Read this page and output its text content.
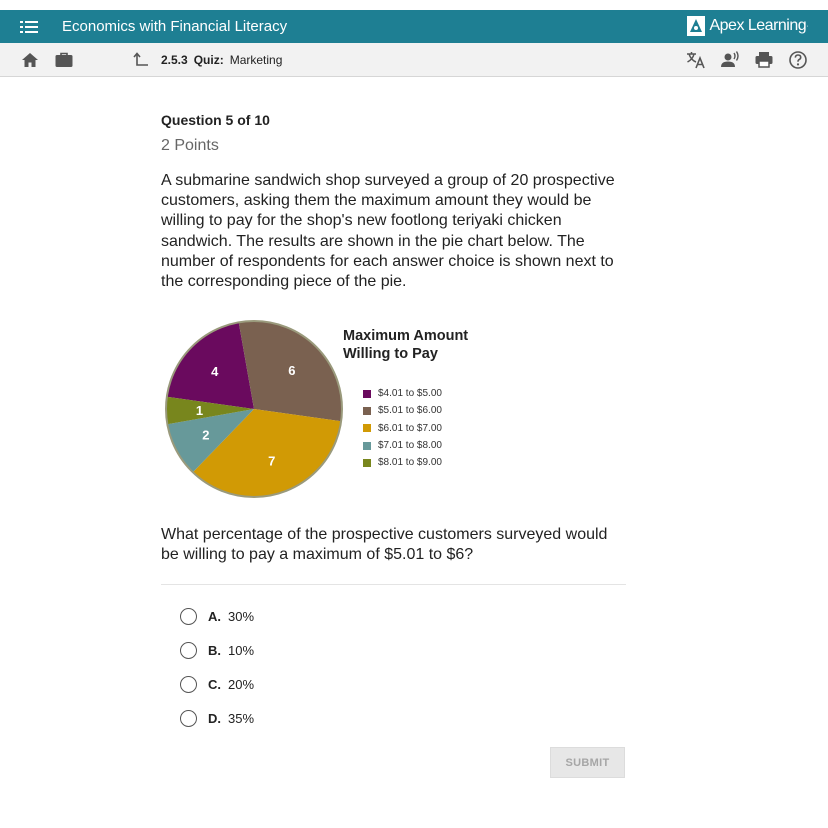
Economics with Financial Literacy	Apex Learning ·
2.5.3 Quiz: Marketing
Question 5 of 10
2 Points
A submarine sandwich shop surveyed a group of 20 prospective customers, asking them the maximum amount they would be willing to pay for the shop's new footlong teriyaki chicken sandwich. The results are shown in the pie chart below. The number of respondents for each answer choice is shown next to the corresponding piece of the pie.
4	6
7
2
1
Maximum Amount Willing to Pay
$4.01 to $5.00
$5.01 to $6.00
$6.01 to $7.00
$7.01 to $8.00
$8.01 to $9.00
What percentage of the prospective customers surveyed would be willing to pay a maximum of $5.01 to $6?
A. 30%
B. 10%
C. 20%
D. 35%
SUBMIT
